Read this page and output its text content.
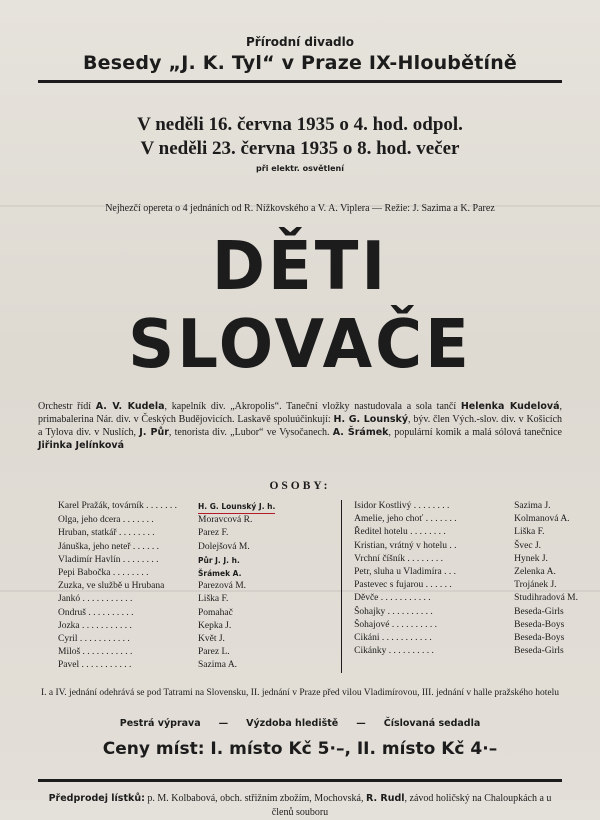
Přírodní divadlo

Besedy „J. K. Tyl“ v Praze IX-Hloubětíně

V neděli 16. června 1935 o 4. hod. odpol.

V neděli 23. června 1935 o 8. hod. večer

při elektr. osvětlení

Nejhezčí opereta o 4 jednáních od R. Nížkovského a V. A. Viplera — Režie: J. Sazima a K. Parez

DĚTI SLOVAČE

Orchestr řídí A. V. Kudela, kapelník div. „Akropolis“. Taneční vložky nastudovala a sola tančí Helenka Kudelová, primabalerina Nár. div. v Českých Budějovicích. Laskavě spoluúčinkují: H. G. Lounský, býv. člen Vých.-slov. div. v Košicích a Tylova div. v Nuslích, J. Půr, tenorista div. „Lubor“ ve Vysočanech. A. Šrámek, populární komik a malá sólová tanečnice Jiřinka Jelínková

OSOBY:

Karel Pražák, továrník . . . . . . .	H. G. Lounský J. h.
Olga, jeho dcera . . . . . . .	Moravcová R.
Hruban, statkář . . . . . . . .	Parez F.
Jánuška, jeho neteř . . . . . .	Dolejšová M.
Vladimír Havlín . . . . . . . .	Půr J. J. h.
Pepi Babočka . . . . . . . .	Šrámek A.
Zuzka, ve službě u Hrubana	Parezová M.
Jankó . . . . . . . . . . .	Liška F.
Ondruš . . . . . . . . . .	Pomahač
Jozka . . . . . . . . . . .	Kepka J.
Cyril . . . . . . . . . . .	Květ J.
Miloš . . . . . . . . . . .	Parez L.
Pavel . . . . . . . . . . .	Sazima A.
Isidor Kostlivý . . . . . . . .	Sazima J.
Amelie, jeho choť . . . . . . .	Kolmanová A.
Ředitel hotelu . . . . . . . .	Liška F.
Kristian, vrátný v hotelu . .	Švec J.
Vrchní číšník . . . . . . . .	Hynek J.
Petr, sluha u Vladimíra . . .	Zelenka A.
Pastevec s fujarou . . . . . .	Trojánek J.
Děvče . . . . . . . . . . .	Studihradová M.
Šohajky . . . . . . . . . .	Beseda-Girls
Šohajové . . . . . . . . . .	Beseda-Boys
Cikáni . . . . . . . . . . .	Beseda-Boys
Cikánky . . . . . . . . . .	Beseda-Girls

I. a IV. jednání odehrává se pod Tatrami na Slovensku, II. jednání v Praze před vilou Vladimírovou, III. jednání v halle pražského hotelu

Pestrá výprava — Výzdoba hlediště — Číslovaná sedadla

Ceny míst: I. místo Kč 5·–, II. místo Kč 4·–

Předprodej lístků: p. M. Kolbabová, obch. střižním zbožím, Mochovská, R. Rudl, závod holičský na Chaloupkách a u členů souboru
